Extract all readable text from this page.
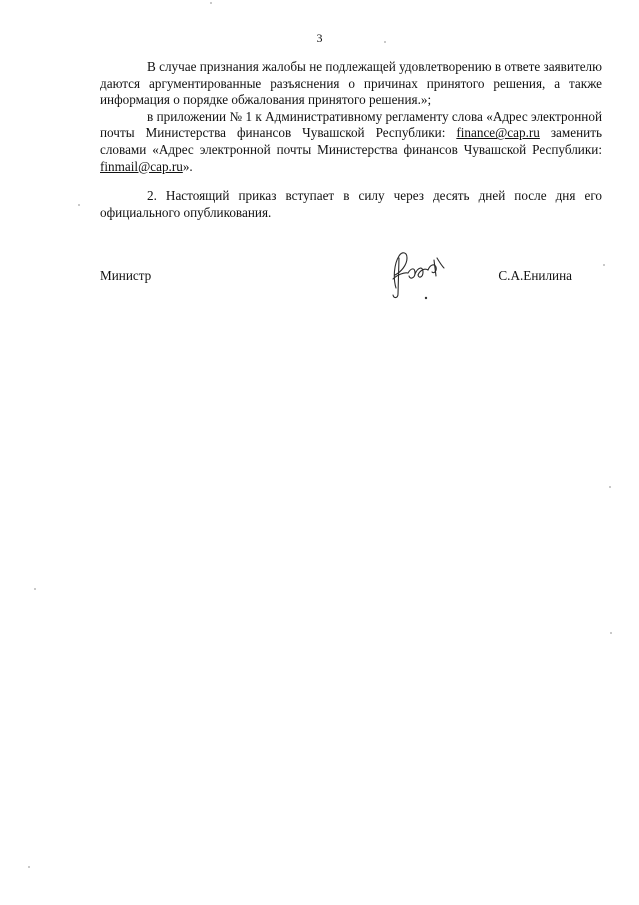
3

В случае признания жалобы не подлежащей удовлетворению в ответе заявителю даются аргументированные разъяснения о причинах принятого решения, а также информация о порядке обжалования принятого решения.»;

в приложении № 1 к Административному регламенту слова «Адрес электронной почты Министерства финансов Чувашской Республики: finance@cap.ru заменить словами «Адрес электронной почты Министерства финансов Чувашской Республики: finmail@cap.ru».

2. Настоящий приказ вступает в силу через десять дней после дня его официального опубликования.

Министр	С.А.Енилина
